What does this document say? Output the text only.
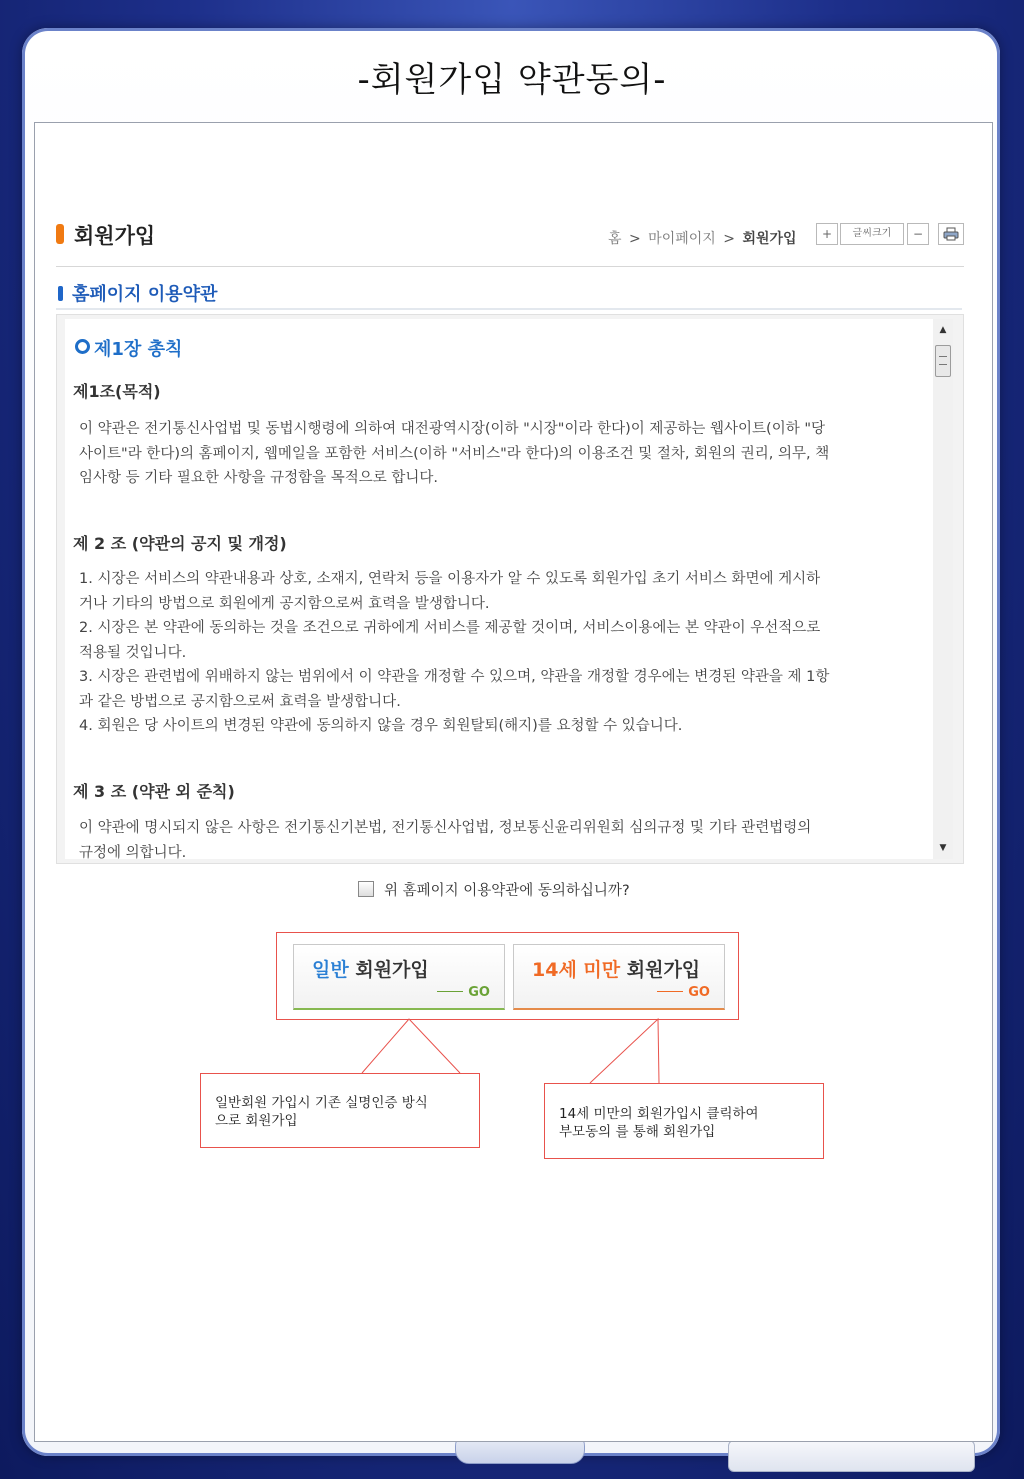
-회원가입 약관동의-
회원가입	홈 > 마이페이지 > 회원가입	+	글씨크기	−
홈페이지 이용약관
제1장 총칙
제1조(목적)
이 약관은 전기통신사업법 및 동법시행령에 의하여 대전광역시장(이하 "시장"이라 한다)이 제공하는 웹사이트(이하 "당
사이트"라 한다)의 홈페이지, 웹메일을 포함한 서비스(이하 "서비스"라 한다)의 이용조건 및 절차, 회원의 권리, 의무, 책
임사항 등 기타 필요한 사항을 규정함을 목적으로 합니다.
제 2 조 (약관의 공지 및 개정)
1. 시장은 서비스의 약관내용과 상호, 소재지, 연락처 등을 이용자가 알 수 있도록 회원가입 초기 서비스 화면에 게시하
거나 기타의 방법으로 회원에게 공지함으로써 효력을 발생합니다.
2. 시장은 본 약관에 동의하는 것을 조건으로 귀하에게 서비스를 제공할 것이며, 서비스이용에는 본 약관이 우선적으로
적용될 것입니다.
3. 시장은 관련법에 위배하지 않는 범위에서 이 약관을 개정할 수 있으며, 약관을 개정할 경우에는 변경된 약관을 제 1항
과 같은 방법으로 공지함으로써 효력을 발생합니다.
4. 회원은 당 사이트의 변경된 약관에 동의하지 않을 경우 회원탈퇴(해지)를 요청할 수 있습니다.
제 3 조 (약관 외 준칙)
이 약관에 명시되지 않은 사항은 전기통신기본법, 전기통신사업법, 정보통신윤리위원회 심의규정 및 기타 관련법령의
규정에 의합니다.
▲
▼
위 홈페이지 이용약관에 동의하십니까?
일반 회원가입
GO
14세 미만 회원가입
GO
일반회원 가입시 기존 실명인증 방식
으로 회원가입	14세 미만의 회원가입시 클릭하여
부모동의 를 통해 회원가입
